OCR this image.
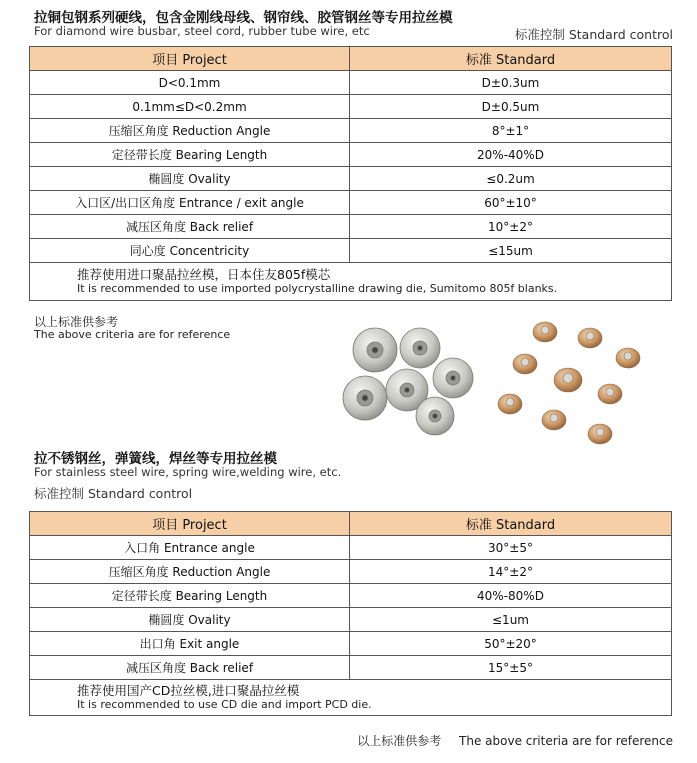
拉铜包钢系列硬线，包含金刚线母线、钢帘线、胶管钢丝等专用拉丝模
For diamond wire busbar, steel cord, rubber tube wire, etc	标准控制 Standard control
项目 Project	标准 Standard
D<0.1mm	D±0.3um
0.1mm≤D<0.2mm	D±0.5um
压缩区角度 Reduction Angle	8°±1°
定径带长度 Bearing Length	20%-40%D
椭圆度 Ovality	≤0.2um
入口区/出口区角度 Entrance / exit angle	60°±10°
减压区角度 Back relief	10°±2°
同心度 Concentricity	≤15um

推荐使用进口聚晶拉丝模，日本住友805f模芯
It is recommended to use imported polycrystalline drawing die, Sumitomo 805f blanks.	
以上标准供参考
The above criteria are for reference
拉不锈钢丝，弹簧线，焊丝等专用拉丝模
For stainless steel wire, spring wire,welding wire, etc.
标准控制 Standard control
项目 Project	标准 Standard
入口角 Entrance angle	30°±5°
压缩区角度 Reduction Angle	14°±2°
定径带长度 Bearing Length	40%-80%D
椭圆度 Ovality	≤1um
出口角 Exit angle	50°±20°
减压区角度 Back relief	15°±5°

推荐使用国产CD拉丝模,进口聚晶拉丝模
It is recommended to use CD die and import PCD die.	
以上标准供参考 The above criteria are for reference
